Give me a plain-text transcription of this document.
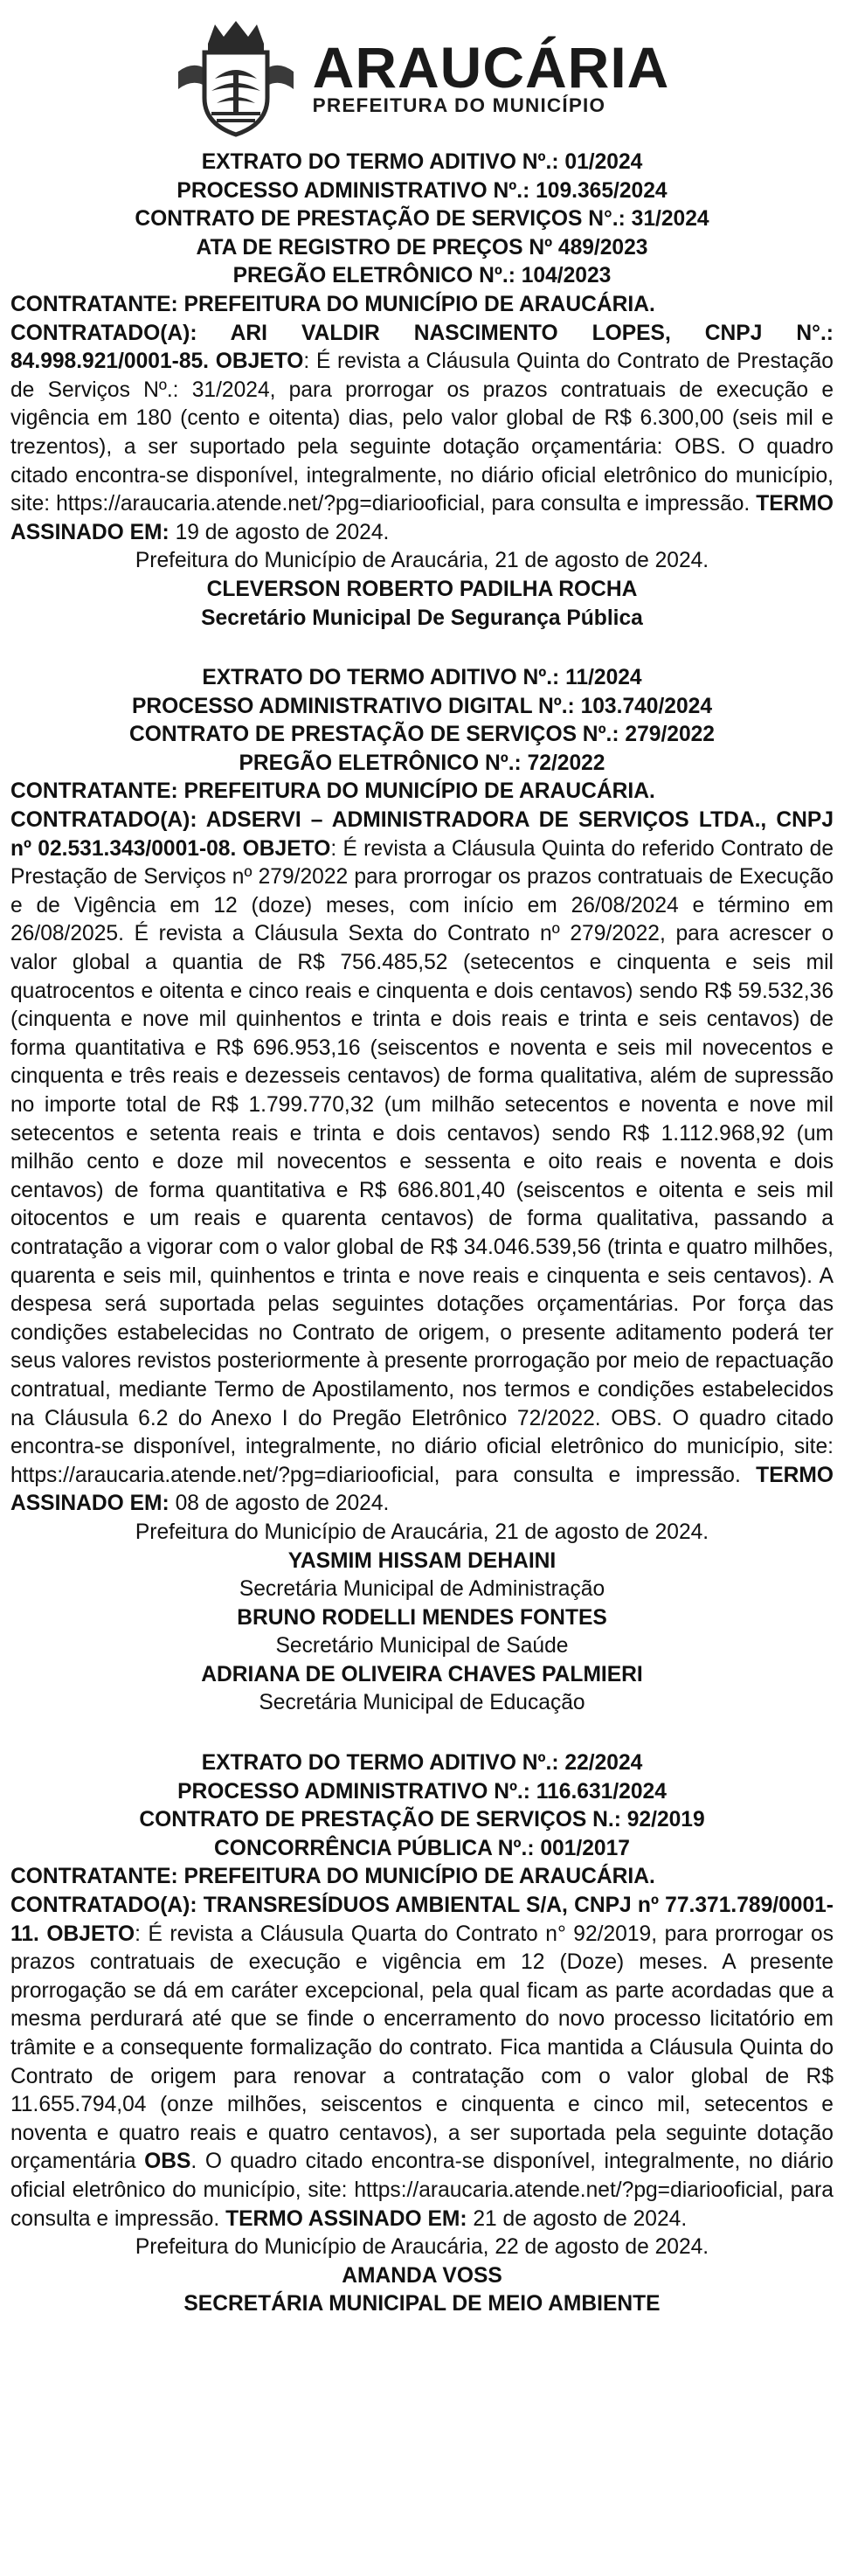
ARAUCÁRIA
PREFEITURA DO MUNICÍPIO

EXTRATO DO TERMO ADITIVO Nº.: 01/2024

PROCESSO ADMINISTRATIVO Nº.: 109.365/2024

CONTRATO DE PRESTAÇÃO DE SERVIÇOS N°.: 31/2024

ATA DE REGISTRO DE PREÇOS Nº 489/2023

PREGÃO ELETRÔNICO Nº.: 104/2023

CONTRATANTE: PREFEITURA DO MUNICÍPIO DE ARAUCÁRIA.

CONTRATADO(A): ARI VALDIR NASCIMENTO LOPES, CNPJ N°.: 84.998.921/0001-85. OBJETO: É revista a Cláusula Quinta do Contrato de Prestação de Serviços Nº.: 31/2024, para prorrogar os prazos contratuais de execução e vigência em 180 (cento e oitenta) dias, pelo valor global de R$ 6.300,00 (seis mil e trezentos), a ser suportado pela seguinte dotação orçamentária: OBS. O quadro citado encontra-se disponível, integralmente, no diário oficial eletrônico do município, site: https://araucaria.atende.net/?pg=diariooficial, para consulta e impressão. TERMO ASSINADO EM: 19 de agosto de 2024.

Prefeitura do Município de Araucária, 21 de agosto de 2024.

CLEVERSON ROBERTO PADILHA ROCHA

Secretário Municipal De Segurança Pública

EXTRATO DO TERMO ADITIVO Nº.: 11/2024

PROCESSO ADMINISTRATIVO DIGITAL Nº.: 103.740/2024

CONTRATO DE PRESTAÇÃO DE SERVIÇOS Nº.: 279/2022

PREGÃO ELETRÔNICO Nº.: 72/2022

CONTRATANTE: PREFEITURA DO MUNICÍPIO DE ARAUCÁRIA.

CONTRATADO(A): ADSERVI – ADMINISTRADORA DE SERVIÇOS LTDA., CNPJ nº 02.531.343/0001-08. OBJETO: É revista a Cláusula Quinta do referido Contrato de Prestação de Serviços nº 279/2022 para prorrogar os prazos contratuais de Execução e de Vigência em 12 (doze) meses, com início em 26/08/2024 e término em 26/08/2025. É revista a Cláusula Sexta do Contrato nº 279/2022, para acrescer o valor global a quantia de R$ 756.485,52 (setecentos e cinquenta e seis mil quatrocentos e oitenta e cinco reais e cinquenta e dois centavos) sendo R$ 59.532,36 (cinquenta e nove mil quinhentos e trinta e dois reais e trinta e seis centavos) de forma quantitativa e R$ 696.953,16 (seiscentos e noventa e seis mil novecentos e cinquenta e três reais e dezesseis centavos) de forma qualitativa, além de supressão no importe total de R$ 1.799.770,32 (um milhão setecentos e noventa e nove mil setecentos e setenta reais e trinta e dois centavos) sendo R$ 1.112.968,92 (um milhão cento e doze mil novecentos e sessenta e oito reais e noventa e dois centavos) de forma quantitativa e R$ 686.801,40 (seiscentos e oitenta e seis mil oitocentos e um reais e quarenta centavos) de forma qualitativa, passando a contratação a vigorar com o valor global de R$ 34.046.539,56 (trinta e quatro milhões, quarenta e seis mil, quinhentos e trinta e nove reais e cinquenta e seis centavos). A despesa será suportada pelas seguintes dotações orçamentárias. Por força das condições estabelecidas no Contrato de origem, o presente aditamento poderá ter seus valores revistos posteriormente à presente prorrogação por meio de repactuação contratual, mediante Termo de Apostilamento, nos termos e condições estabelecidos na Cláusula 6.2 do Anexo I do Pregão Eletrônico 72/2022. OBS. O quadro citado encontra-se disponível, integralmente, no diário oficial eletrônico do município, site: https://araucaria.atende.net/?pg=diariooficial, para consulta e impressão. TERMO ASSINADO EM: 08 de agosto de 2024.

Prefeitura do Município de Araucária, 21 de agosto de 2024.

YASMIM HISSAM DEHAINI

Secretária Municipal de Administração

BRUNO RODELLI MENDES FONTES

Secretário Municipal de Saúde

ADRIANA DE OLIVEIRA CHAVES PALMIERI

Secretária Municipal de Educação

EXTRATO DO TERMO ADITIVO Nº.: 22/2024

PROCESSO ADMINISTRATIVO Nº.: 116.631/2024

CONTRATO DE PRESTAÇÃO DE SERVIÇOS N.: 92/2019

CONCORRÊNCIA PÚBLICA Nº.: 001/2017

CONTRATANTE: PREFEITURA DO MUNICÍPIO DE ARAUCÁRIA.

CONTRATADO(A): TRANSRESÍDUOS AMBIENTAL S/A, CNPJ nº 77.371.789/0001-11. OBJETO: É revista a Cláusula Quarta do Contrato n° 92/2019, para prorrogar os prazos contratuais de execução e vigência em 12 (Doze) meses. A presente prorrogação se dá em caráter excepcional, pela qual ficam as parte acordadas que a mesma perdurará até que se finde o encerramento do novo processo licitatório em trâmite e a consequente formalização do contrato. Fica mantida a Cláusula Quinta do Contrato de origem para renovar a contratação com o valor global de R$ 11.655.794,04 (onze milhões, seiscentos e cinquenta e cinco mil, setecentos e noventa e quatro reais e quatro centavos), a ser suportada pela seguinte dotação orçamentária OBS. O quadro citado encontra-se disponível, integralmente, no diário oficial eletrônico do município, site: https://araucaria.atende.net/?pg=diariooficial, para consulta e impressão. TERMO ASSINADO EM: 21 de agosto de 2024.

Prefeitura do Município de Araucária, 22 de agosto de 2024.

AMANDA VOSS

SECRETÁRIA MUNICIPAL DE MEIO AMBIENTE
